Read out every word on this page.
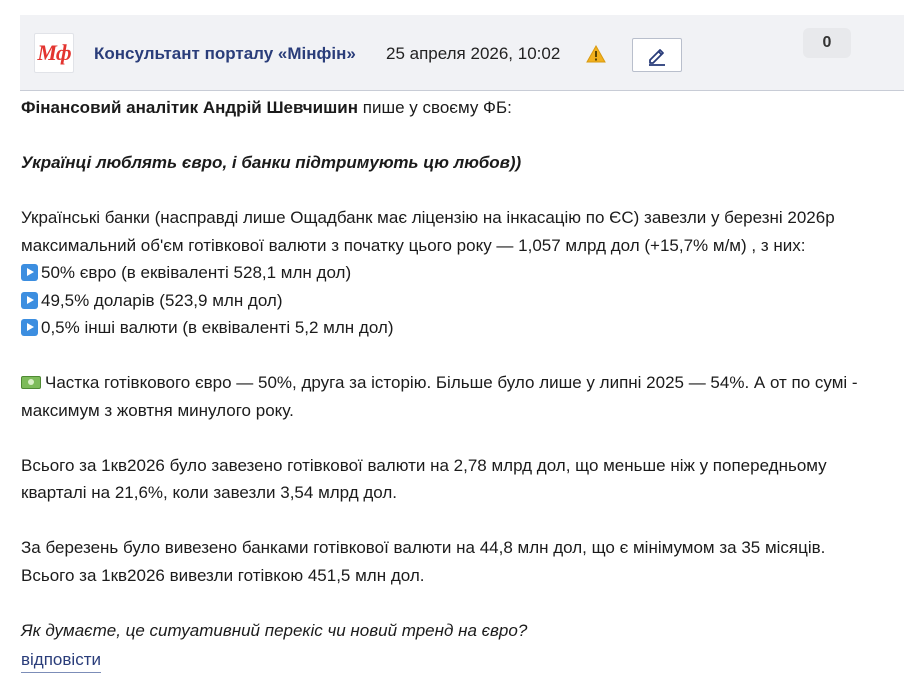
Мф Консультант порталу «Мінфін» 25 апреля 2026, 10:02
0

Фінансовий аналітик Андрій Шевчишин пише у своєму ФБ:

Українці люблять євро, і банки підтримують цю любов))

Українські банки (насправді лише Ощадбанк має ліцензію на інкасацію по ЄС) завезли у березні 2026р максимальний об'єм готівкової валюти з початку цього року — 1,057 млрд дол (+15,7% м/м) , з них:

50% євро (в еквіваленті 528,1 млн дол)

49,5% доларів (523,9 млн дол)

0,5% інші валюти (в еквіваленті 5,2 млн дол)

Частка готівкового євро — 50%, друга за історію. Більше було лише у липні 2025 — 54%. А от по сумі - максимум з жовтня минулого року.

Всього за 1кв2026 було завезено готівкової валюти на 2,78 млрд дол, що меньше ніж у попередньому кварталі на 21,6%, коли завезли 3,54 млрд дол.

За березень було вивезено банками готівкової валюти на 44,8 млн дол, що є мінімумом за 35 місяців.

Всього за 1кв2026 вивезли готівкою 451,5 млн дол.

Як думаєте, це ситуативний перекіс чи новий тренд на євро?

відповісти
